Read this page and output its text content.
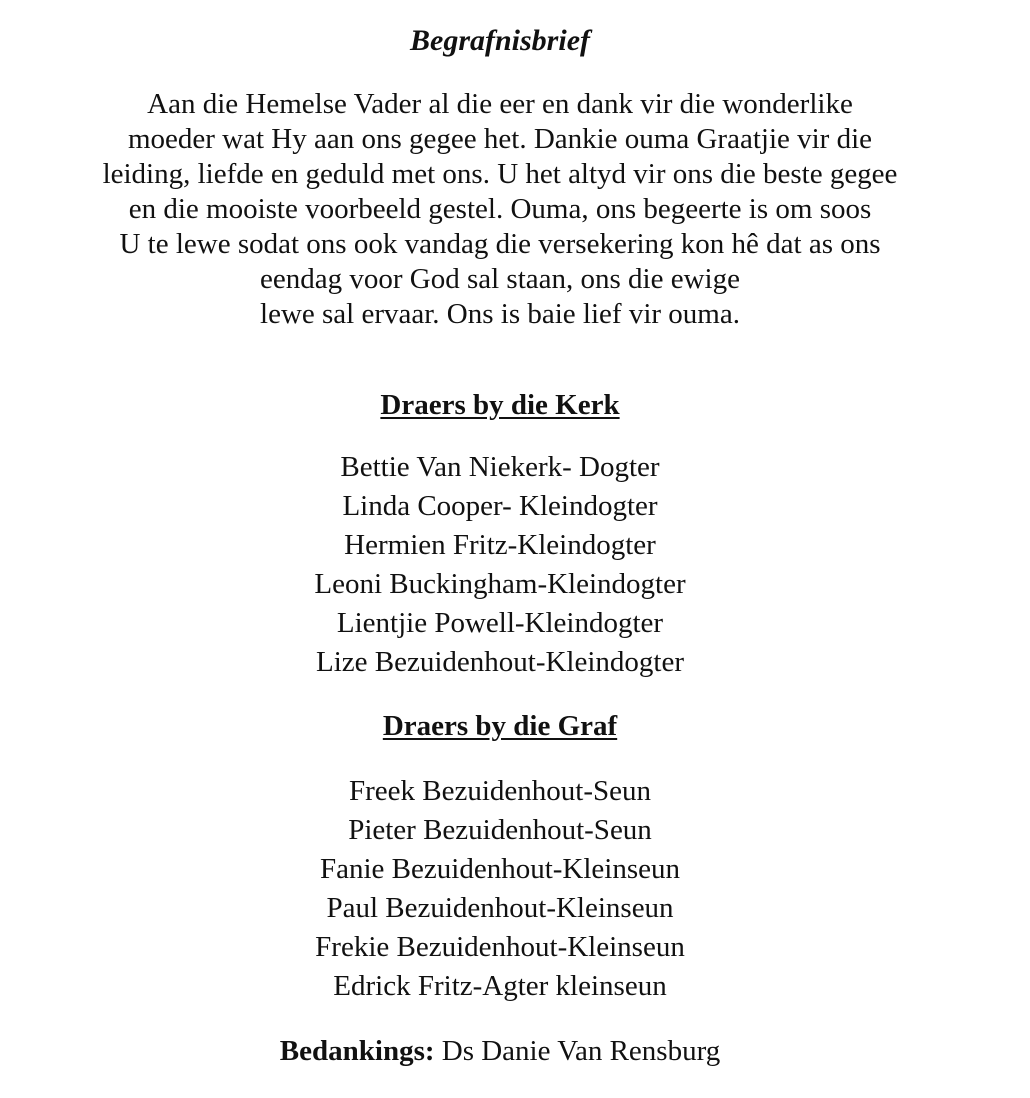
Begrafnisbrief
Aan die Hemelse Vader al die eer en dank vir die wonderlike
moeder wat Hy aan ons gegee het. Dankie ouma Graatjie vir die
leiding, liefde en geduld met ons. U het altyd vir ons die beste gegee
en die mooiste voorbeeld gestel. Ouma, ons begeerte is om soos
U te lewe sodat ons ook vandag die versekering kon hê dat as ons
eendag voor God sal staan, ons die ewige
lewe sal ervaar. Ons is baie lief vir ouma.
Draers by die Kerk
Bettie Van Niekerk- Dogter
Linda Cooper- Kleindogter
Hermien Fritz-Kleindogter
Leoni Buckingham-Kleindogter
Lientjie Powell-Kleindogter
Lize Bezuidenhout-Kleindogter
Draers by die Graf
Freek Bezuidenhout-Seun
Pieter Bezuidenhout-Seun
Fanie Bezuidenhout-Kleinseun
Paul Bezuidenhout-Kleinseun
Frekie Bezuidenhout-Kleinseun
Edrick Fritz-Agter kleinseun
Bedankings: Ds Danie Van Rensburg
